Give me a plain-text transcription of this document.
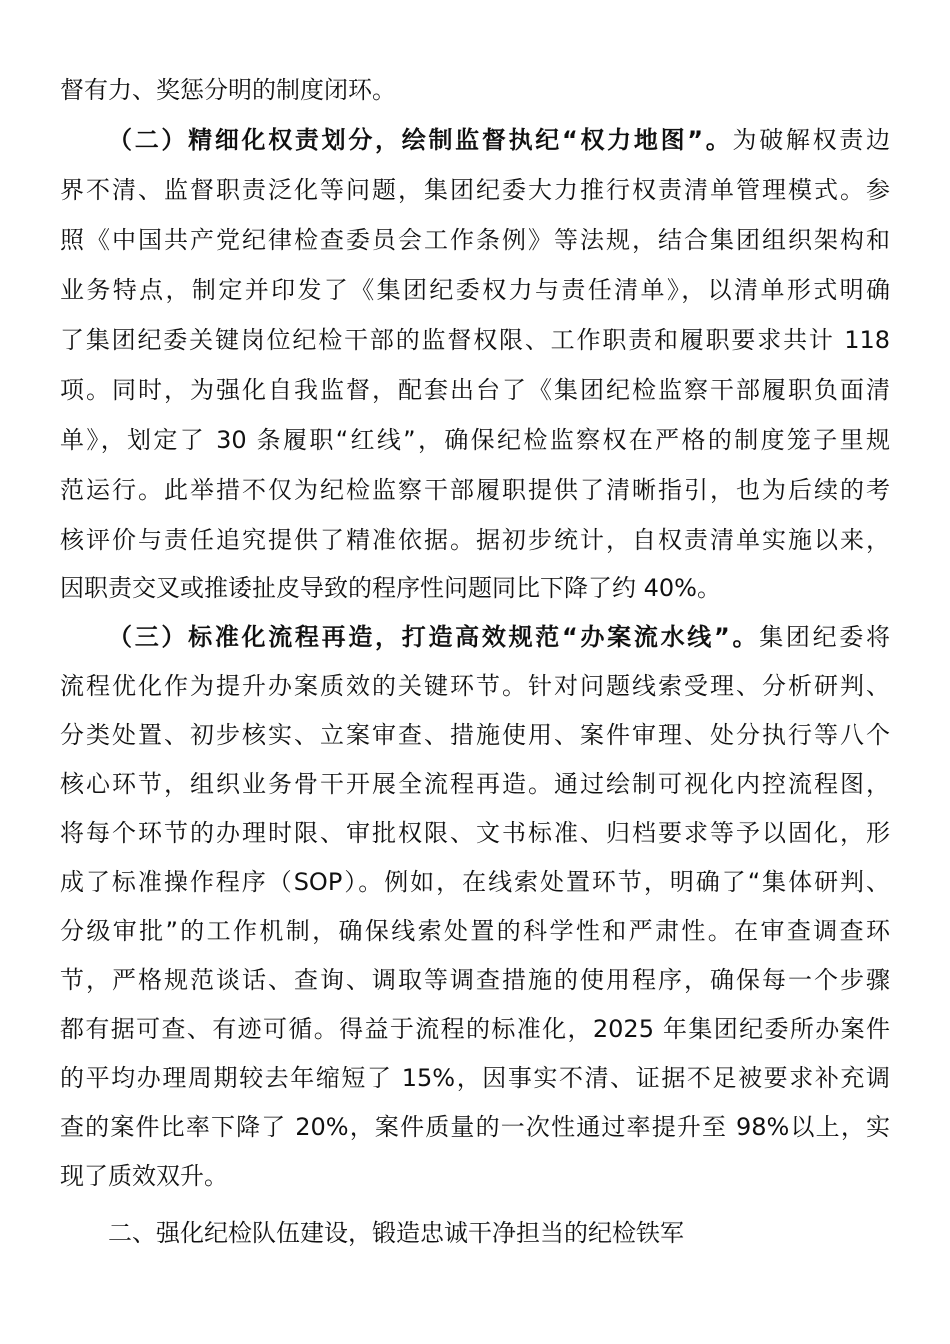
督有力、奖惩分明的制度闭环。
（二）精细化权责划分，绘制监督执纪“权力地图”。为破解权责边
界不清、监督职责泛化等问题，集团纪委大力推行权责清单管理模式。参
照《中国共产党纪律检查委员会工作条例》等法规，结合集团组织架构和
业务特点，制定并印发了《集团纪委权力与责任清单》，以清单形式明确
了集团纪委关键岗位纪检干部的监督权限、工作职责和履职要求共计 118
项。同时，为强化自我监督，配套出台了《集团纪检监察干部履职负面清
单》，划定了 30 条履职“红线”，确保纪检监察权在严格的制度笼子里规
范运行。此举措不仅为纪检监察干部履职提供了清晰指引，也为后续的考
核评价与责任追究提供了精准依据。据初步统计，自权责清单实施以来，
因职责交叉或推诿扯皮导致的程序性问题同比下降了约 40%。
（三）标准化流程再造，打造高效规范“办案流水线”。集团纪委将
流程优化作为提升办案质效的关键环节。针对问题线索受理、分析研判、
分类处置、初步核实、立案审查、措施使用、案件审理、处分执行等八个
核心环节，组织业务骨干开展全流程再造。通过绘制可视化内控流程图，
将每个环节的办理时限、审批权限、文书标准、归档要求等予以固化，形
成了标准操作程序（SOP）。例如，在线索处置环节，明确了“集体研判、
分级审批”的工作机制，确保线索处置的科学性和严肃性。在审查调查环
节，严格规范谈话、查询、调取等调查措施的使用程序，确保每一个步骤
都有据可查、有迹可循。得益于流程的标准化，2025 年集团纪委所办案件
的平均办理周期较去年缩短了 15%，因事实不清、证据不足被要求补充调
查的案件比率下降了 20%，案件质量的一次性通过率提升至 98%以上，实
现了质效双升。
二、强化纪检队伍建设，锻造忠诚干净担当的纪检铁军
